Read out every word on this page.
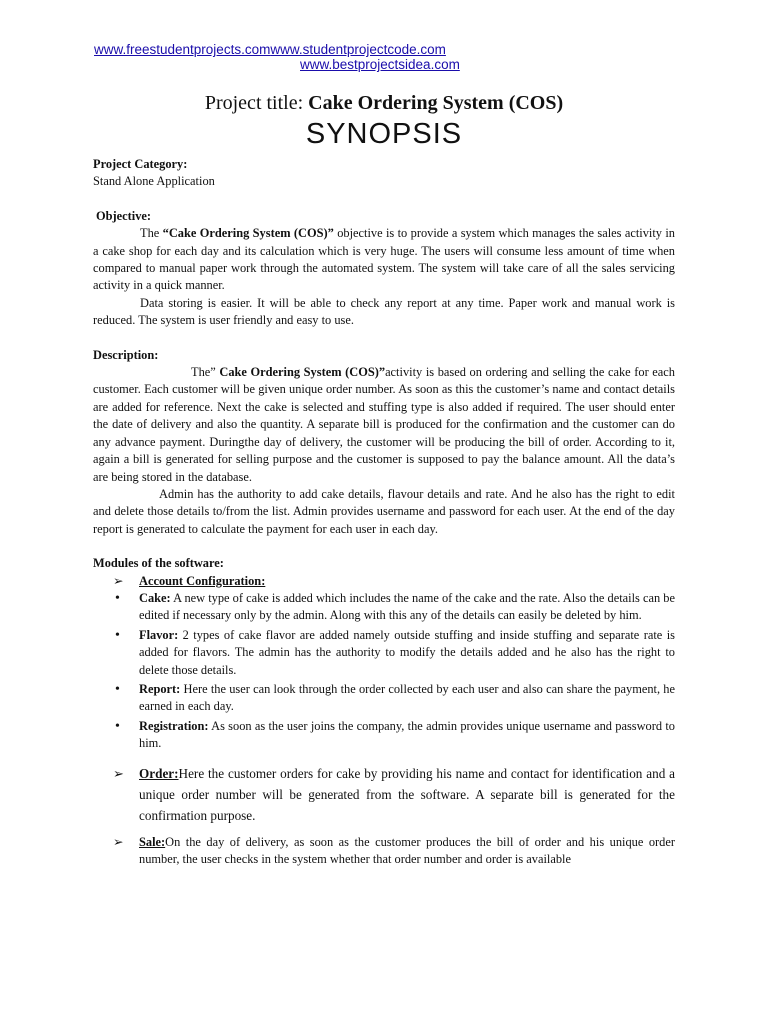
www.freestudentprojects.comwww.studentprojectcode.com
www.bestprojectsidea.com
Project title: Cake Ordering System (COS)
SYNOPSIS

Project Category:

Stand Alone Application

Objective:

The “Cake Ordering System (COS)” objective is to provide a system which manages the sales activity in a cake shop for each day and its calculation which is very huge. The users will consume less amount of time when compared to manual paper work through the automated system. The system will take care of all the sales servicing activity in a quick manner.

Data storing is easier. It will be able to check any report at any time. Paper work and manual work is reduced. The system is user friendly and easy to use.

Description:

The” Cake Ordering System (COS)”activity is based on ordering and selling the cake for each customer. Each customer will be given unique order number. As soon as this the customer’s name and contact details are added for reference. Next the cake is selected and stuffing type is also added if required. The user should enter the date of delivery and also the quantity. A separate bill is produced for the confirmation and the customer can do any advance payment. Duringthe day of delivery, the customer will be producing the bill of order. According to it, again a bill is generated for selling purpose and the customer is supposed to pay the balance amount. All the data’s are being stored in the database.

Admin has the authority to add cake details, flavour details and rate. And he also has the right to edit and delete those details to/from the list. Admin provides username and password for each user. At the end of the day report is generated to calculate the payment for each user in each day.

Modules of the software:

➢	Account Configuration:
• Cake: A new type of cake is added which includes the name of the cake and the rate. Also the details can be edited if necessary only by the admin. Along with this any of the details can easily be deleted by him.
• Flavor: 2 types of cake flavor are added namely outside stuffing and inside stuffing and separate rate is added for flavors. The admin has the authority to modify the details added and he also has the right to delete those details.
• Report: Here the user can look through the order collected by each user and also can share the payment, he earned in each day.
• Registration: As soon as the user joins the company, the admin provides unique username and password to him.
➢	Order:Here the customer orders for cake by providing his name and contact for identification and a unique order number will be generated from the software. A separate bill is generated for the confirmation purpose.
➢	Sale:On the day of delivery, as soon as the customer produces the bill of order and his unique order number, the user checks in the system whether that order number and order is available
